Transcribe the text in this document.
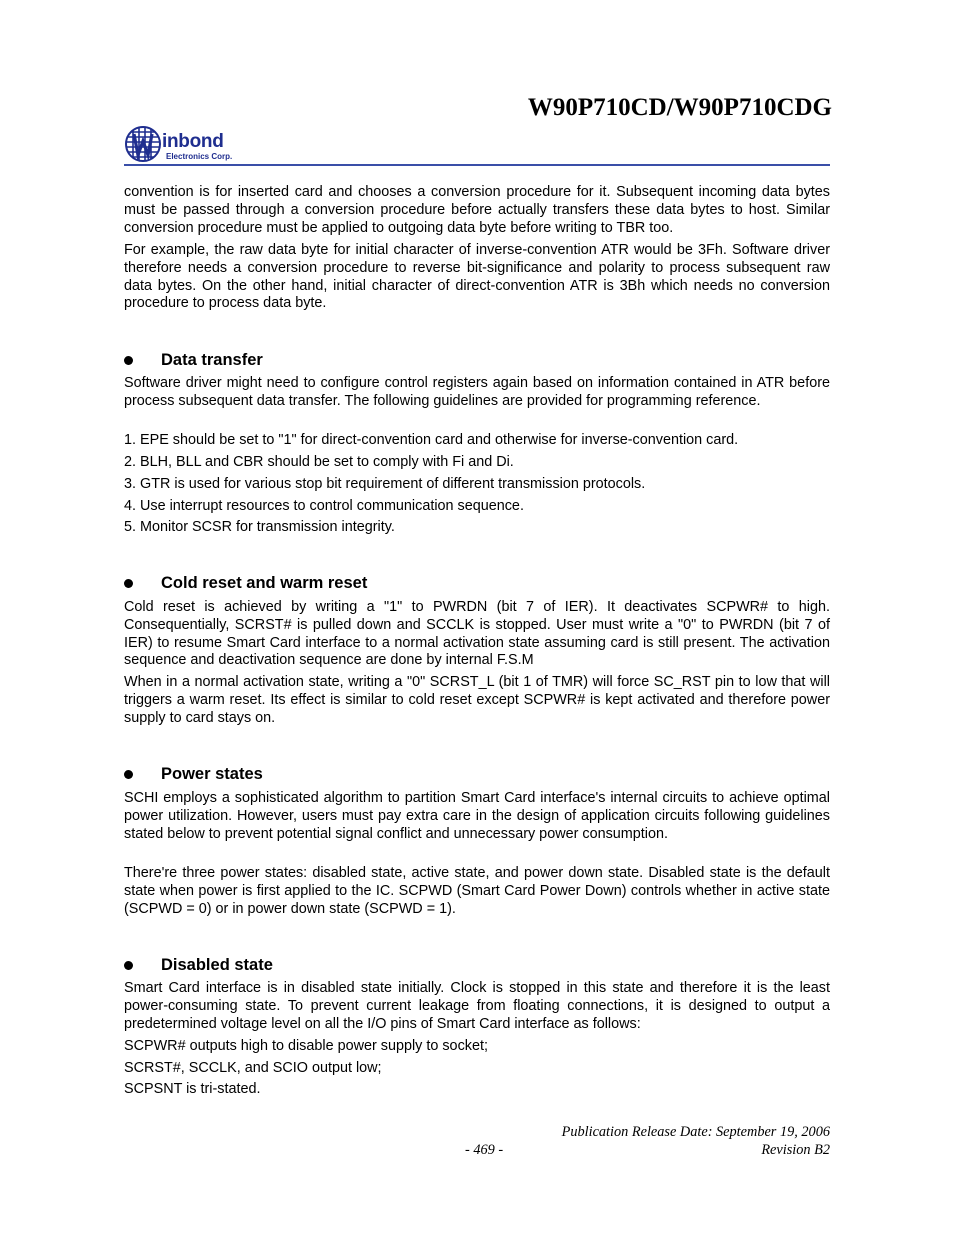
W90P710CD/W90P710CDG
inbond
Electronics Corp.

convention is for inserted card and chooses a conversion procedure for it. Subsequent incoming data bytes must be passed through a conversion procedure before actually transfers these data bytes to host. Similar conversion procedure must be applied to outgoing data byte before writing to TBR too.

For example, the raw data byte for initial character of inverse-convention ATR would be 3Fh. Software driver therefore needs a conversion procedure to reverse bit-significance and polarity to process subsequent raw data bytes. On the other hand, initial character of direct-convention ATR is 3Bh which needs no conversion procedure to process data byte.

Data transfer

Software driver might need to configure control registers again based on information contained in ATR before process subsequent data transfer. The following guidelines are provided for programming reference.

1. EPE should be set to "1" for direct-convention card and otherwise for inverse-convention card.
2. BLH, BLL and CBR should be set to comply with Fi and Di.
3. GTR is used for various stop bit requirement of different transmission protocols.
4. Use interrupt resources to control communication sequence.
5. Monitor SCSR for transmission integrity.
Cold reset and warm reset

Cold reset is achieved by writing a "1" to PWRDN (bit 7 of IER). It deactivates SCPWR# to high. Consequentially, SCRST# is pulled down and SCCLK is stopped. User must write a "0" to PWRDN (bit 7 of IER) to resume Smart Card interface to a normal activation state assuming card is still present. The activation sequence and deactivation sequence are done by internal F.S.M

When in a normal activation state, writing a "0" SCRST_L (bit 1 of TMR) will force SC_RST pin to low that will triggers a warm reset. Its effect is similar to cold reset except SCPWR# is kept activated and therefore power supply to card stays on.

Power states

SCHI employs a sophisticated algorithm to partition Smart Card interface's internal circuits to achieve optimal power utilization. However, users must pay extra care in the design of application circuits following guidelines stated below to prevent potential signal conflict and unnecessary power consumption.

There're three power states: disabled state, active state, and power down state. Disabled state is the default state when power is first applied to the IC. SCPWD (Smart Card Power Down) controls whether in active state (SCPWD = 0) or in power down state (SCPWD = 1).

Disabled state

Smart Card interface is in disabled state initially. Clock is stopped in this state and therefore it is the least power-consuming state. To prevent current leakage from floating connections, it is designed to output a predetermined voltage level on all the I/O pins of Smart Card interface as follows:

SCPWR# outputs high to disable power supply to socket;
SCRST#, SCCLK, and SCIO output low;
SCPSNT is tri-stated.
Publication Release Date: September 19, 2006
- 469 -	Revision B2
